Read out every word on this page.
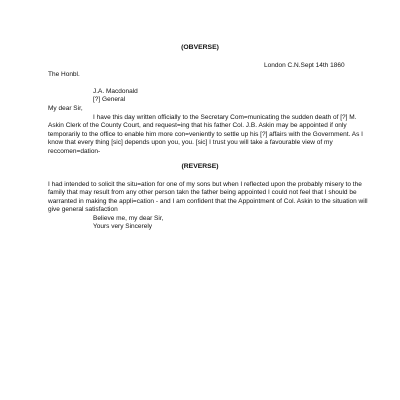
(OBVERSE)
London C.N.Sept 14th 1860
The Honbl.
J.A. Macdonald
[?] General
My dear Sir,

I have this day written officially to the Secretary Com=municating the sudden death of [?] M. Askin Clerk of the County Court, and request=ing that his father Col. J.B. Askin may be appointed if only temporarily to the office to enable him more con=veniently to settle up his [?] affairs with the Government. As I know that every thing [sic] depends upon you, you. [sic] I trust you will take a favourable view of my reccomen=dation-

(REVERSE)

I had intended to solicit the situ=ation for one of my sons but when I reflected upon the probably misery to the family that may result from any other person takn the father being appointed I could not feel that I should be warranted in making the appli=cation - and I am confident that the Appointment of Col. Askin to the situation will give general satisfaction

Believe me, my dear Sir,
Yours very Sincerely
